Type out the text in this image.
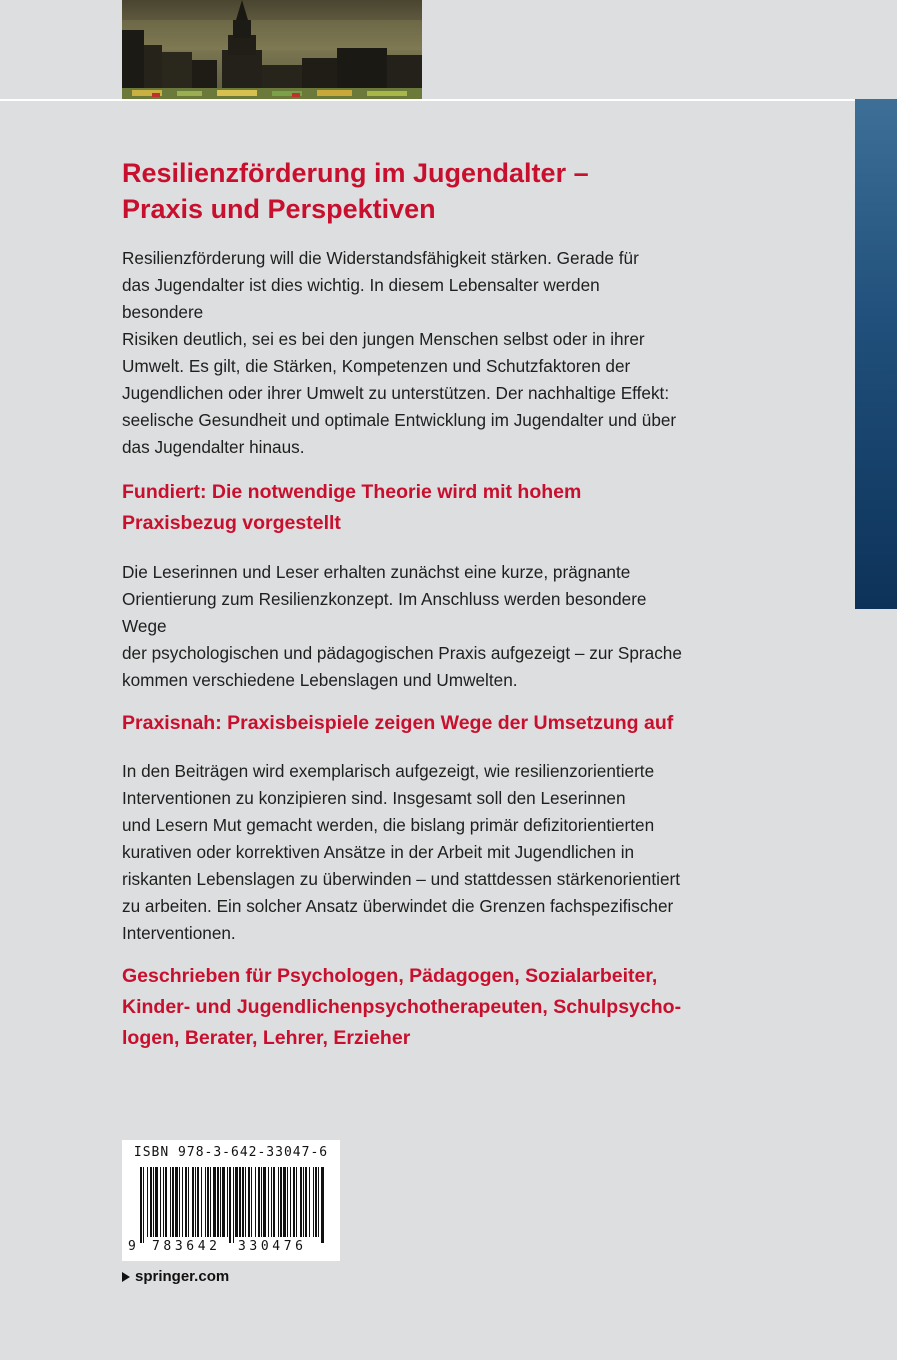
Resilienzförderung im Jugendalter –
Praxis und Perspektiven

Resilienzförderung will die Widerstandsfähigkeit stärken. Gerade für
das Jugendalter ist dies wichtig. In diesem Lebensalter werden besondere
Risiken deutlich, sei es bei den jungen Menschen selbst oder in ihrer
Umwelt. Es gilt, die Stärken, Kompetenzen und Schutzfaktoren der
Jugendlichen oder ihrer Umwelt zu unterstützen. Der nachhaltige Effekt:
seelische Gesundheit und optimale Entwicklung im Jugendalter und über
das Jugendalter hinaus.

Fundiert: Die notwendige Theorie wird mit hohem
Praxisbezug vorgestellt

Die Leserinnen und Leser erhalten zunächst eine kurze, prägnante
Orientierung zum Resilienzkonzept. Im Anschluss werden besondere Wege
der psychologischen und pädagogischen Praxis aufgezeigt – zur Sprache
kommen verschiedene Lebenslagen und Umwelten.

Praxisnah: Praxisbeispiele zeigen Wege der Umsetzung auf

In den Beiträgen wird exemplarisch aufgezeigt, wie resilienzorientierte
Interventionen zu konzipieren sind. Insgesamt soll den Leserinnen
und Lesern Mut gemacht werden, die bislang primär defizitorientierten
kurativen oder korrektiven Ansätze in der Arbeit mit Jugendlichen in
riskanten Lebenslagen zu überwinden – und stattdessen stärkenorientiert
zu arbeiten. Ein solcher Ansatz überwindet die Grenzen fachspezifischer
Interventionen.

Geschrieben für Psychologen, Pädagogen, Sozialarbeiter,
Kinder- und Jugendlichenpsychotherapeuten, Schulpsycho-
logen, Berater, Lehrer, Erzieher
ISBN 978-3-642-33047-6
9 783642 330476
springer.com
